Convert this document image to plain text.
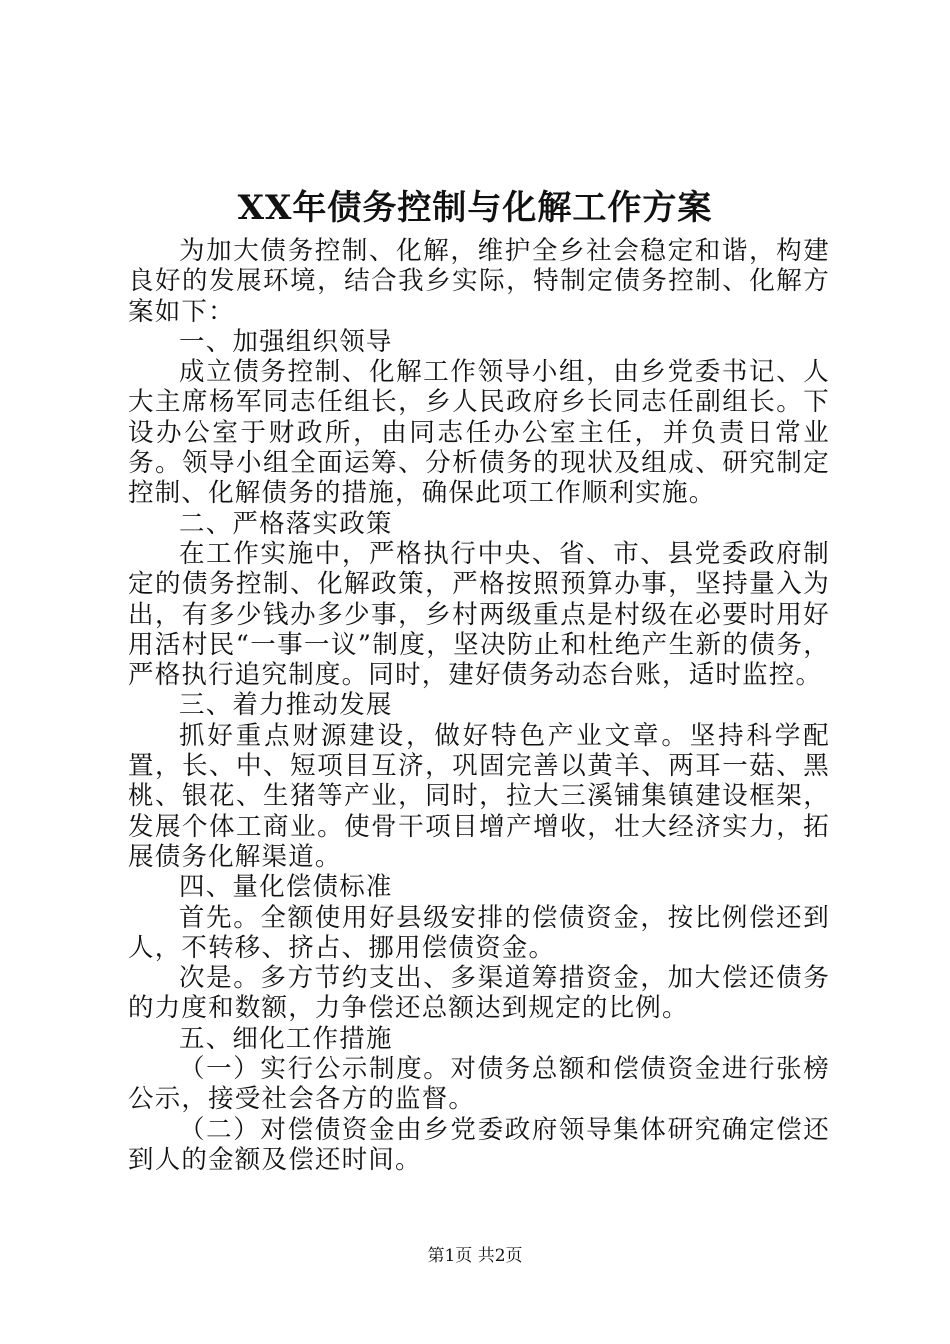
XX年债务控制与化解工作方案

为加大债务控制、化解，维护全乡社会稳定和谐，构建良好的发展环境，结合我乡实际，特制定债务控制、化解方案如下：

一、加强组织领导

成立债务控制、化解工作领导小组，由乡党委书记、人大主席杨军同志任组长，乡人民政府乡长同志任副组长。下设办公室于财政所，由同志任办公室主任，并负责日常业务。领导小组全面运筹、分析债务的现状及组成、研究制定控制、化解债务的措施，确保此项工作顺利实施。

二、严格落实政策

在工作实施中，严格执行中央、省、市、县党委政府制定的债务控制、化解政策，严格按照预算办事，坚持量入为出，有多少钱办多少事，乡村两级重点是村级在必要时用好用活村民“一事一议”制度，坚决防止和杜绝产生新的债务，严格执行追究制度。同时，建好债务动态台账，适时监控。

三、着力推动发展

抓好重点财源建设，做好特色产业文章。坚持科学配置，长、中、短项目互济，巩固完善以黄羊、两耳一菇、黑桃、银花、生猪等产业，同时，拉大三溪铺集镇建设框架，发展个体工商业。使骨干项目增产增收，壮大经济实力，拓展债务化解渠道。

四、量化偿债标准

首先。全额使用好县级安排的偿债资金，按比例偿还到人，不转移、挤占、挪用偿债资金。

次是。多方节约支出、多渠道筹措资金，加大偿还债务的力度和数额，力争偿还总额达到规定的比例。

五、细化工作措施

（一）实行公示制度。对债务总额和偿债资金进行张榜公示，接受社会各方的监督。

（二）对偿债资金由乡党委政府领导集体研究确定偿还到人的金额及偿还时间。

第1页 共2页
